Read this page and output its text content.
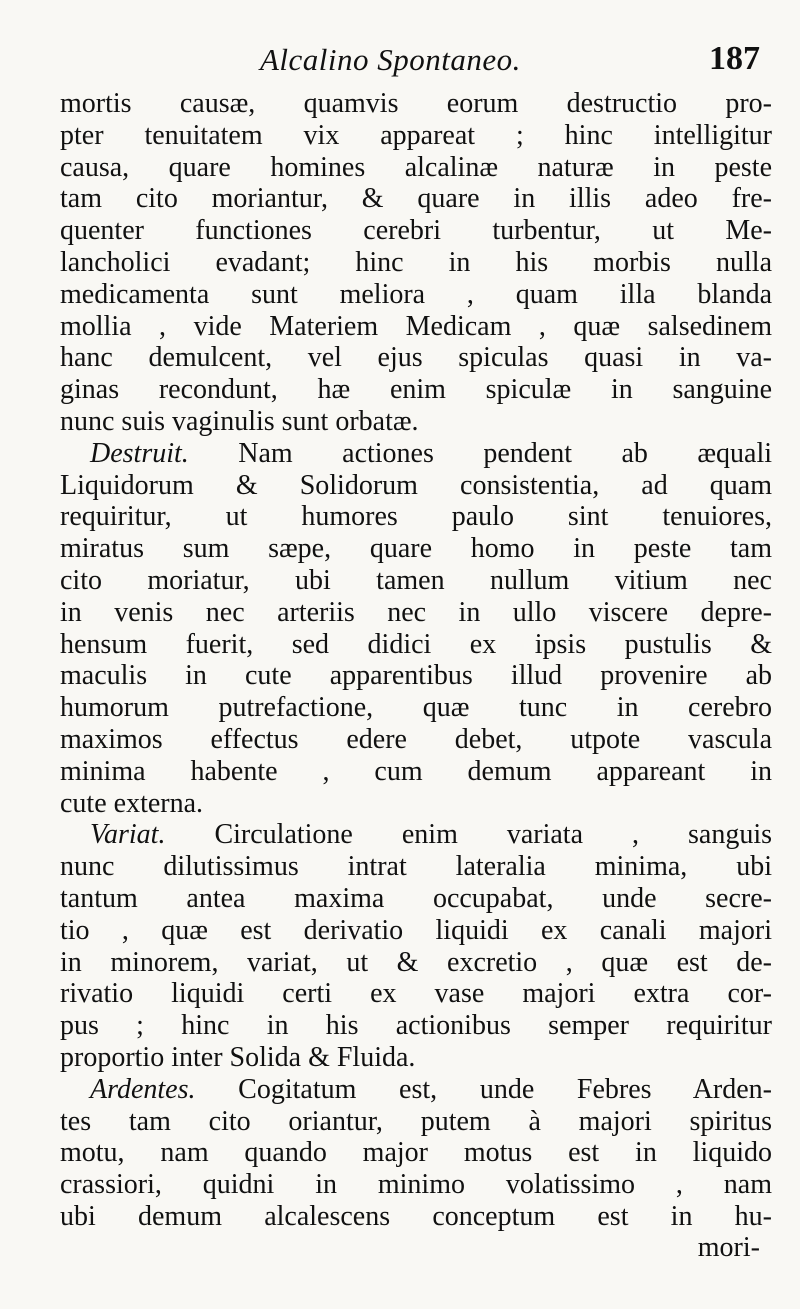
Alcalino Spontaneo.	187
mortis causæ, quamvis eorum destructio pro-
pter tenuitatem vix appareat ; hinc intelligitur
causa, quare homines alcalinæ naturæ in peste
tam cito moriantur, & quare in illis adeo fre-
quenter functiones cerebri turbentur, ut Me-
lancholici evadant; hinc in his morbis nulla
medicamenta sunt meliora , quam illa blanda
mollia , vide Materiem Medicam , quæ salsedinem
hanc demulcent, vel ejus spiculas quasi in va-
ginas recondunt, hæ enim spiculæ in sanguine
nunc suis vaginulis sunt orbatæ.
Destruit. Nam actiones pendent ab æquali
Liquidorum & Solidorum consistentia, ad quam
requiritur, ut humores paulo sint tenuiores,
miratus sum sæpe, quare homo in peste tam
cito moriatur, ubi tamen nullum vitium nec
in venis nec arteriis nec in ullo viscere depre-
hensum fuerit, sed didici ex ipsis pustulis &
maculis in cute apparentibus illud provenire ab
humorum putrefactione, quæ tunc in cerebro
maximos effectus edere debet, utpote vascula
minima habente , cum demum appareant in
cute externa.
Variat. Circulatione enim variata , sanguis
nunc dilutissimus intrat lateralia minima, ubi
tantum antea maxima occupabat, unde secre-
tio , quæ est derivatio liquidi ex canali majori
in minorem, variat, ut & excretio , quæ est de-
rivatio liquidi certi ex vase majori extra cor-
pus ; hinc in his actionibus semper requiritur
proportio inter Solida & Fluida.
Ardentes. Cogitatum est, unde Febres Arden-
tes tam cito oriantur, putem à majori spiritus
motu, nam quando major motus est in liquido
crassiori, quidni in minimo volatissimo , nam
ubi demum alcalescens conceptum est in hu-
mori-
